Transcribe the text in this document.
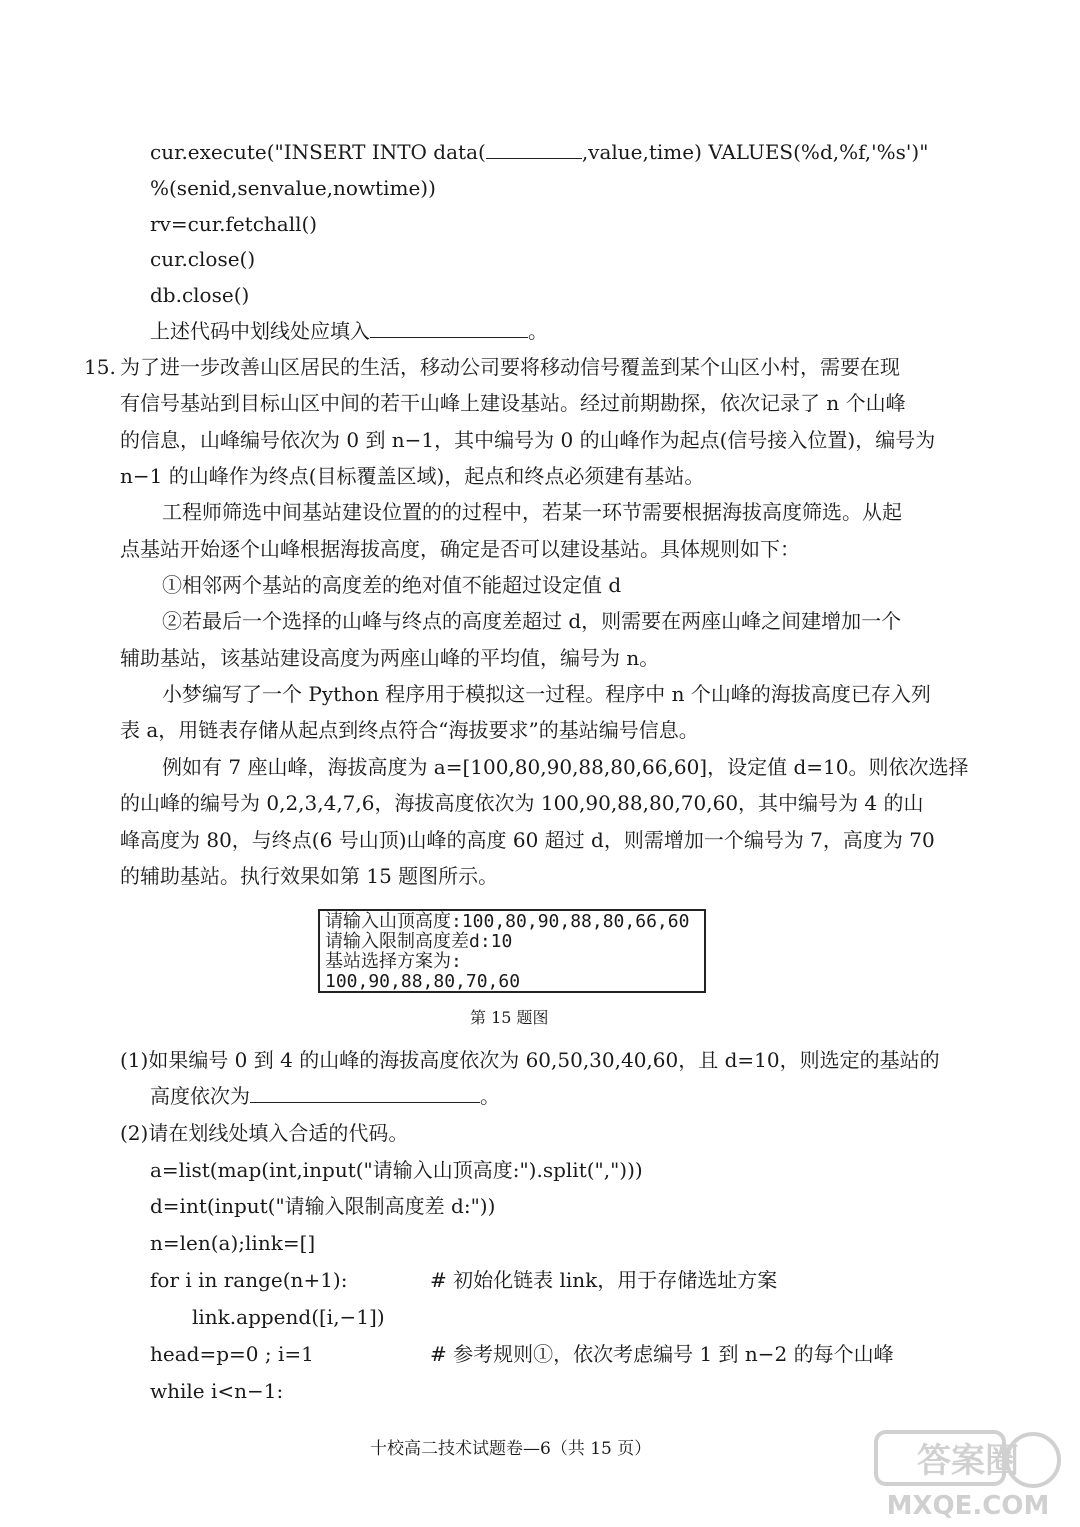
cur.execute("INSERT INTO data(	,value,time) VALUES(%d,%f,'%s')"
%(senid,senvalue,nowtime))
rv=cur.fetchall()
cur.close()
db.close()
上述代码中划线处应填入	。
15. 为了进一步改善山区居民的生活，移动公司要将移动信号覆盖到某个山区小村，需要在现
有信号基站到目标山区中间的若干山峰上建设基站。经过前期勘探，依次记录了 n 个山峰
的信息，山峰编号依次为 0 到 n−1，其中编号为 0 的山峰作为起点(信号接入位置)，编号为
n−1 的山峰作为终点(目标覆盖区域)，起点和终点必须建有基站。
工程师筛选中间基站建设位置的的过程中，若某一环节需要根据海拔高度筛选。从起
点基站开始逐个山峰根据海拔高度，确定是否可以建设基站。具体规则如下：
①相邻两个基站的高度差的绝对值不能超过设定值 d
②若最后一个选择的山峰与终点的高度差超过 d，则需要在两座山峰之间建增加一个
辅助基站，该基站建设高度为两座山峰的平均值，编号为 n。
小梦编写了一个 Python 程序用于模拟这一过程。程序中 n 个山峰的海拔高度已存入列
表 a，用链表存储从起点到终点符合“海拔要求”的基站编号信息。
例如有 7 座山峰，海拔高度为 a=[100,80,90,88,80,66,60]，设定值 d=10。则依次选择
的山峰的编号为 0,2,3,4,7,6，海拔高度依次为 100,90,88,80,70,60，其中编号为 4 的山
峰高度为 80，与终点(6 号山顶)山峰的高度 60 超过 d，则需增加一个编号为 7，高度为 70
的辅助基站。执行效果如第 15 题图所示。
请输入山顶高度:100,80,90,88,80,66,60
请输入限制高度差d:10
基站选择方案为:
100,90,88,80,70,60
第 15 题图
(1)如果编号 0 到 4 的山峰的海拔高度依次为 60,50,30,40,60，且 d=10，则选定的基站的
高度依次为	。
(2)请在划线处填入合适的代码。
a=list(map(int,input("请输入山顶高度:").split(",")))
d=int(input("请输入限制高度差 d:"))
n=len(a);link=[]
for i in range(n+1):	# 初始化链表 link，用于存储选址方案
link.append([i,−1])
head=p=0 ; i=1	# 参考规则①，依次考虑编号 1 到 n−2 的每个山峰
while i<n−1:
十校高二技术试题卷—6（共 15 页）	答案圈
MXQE.COM
